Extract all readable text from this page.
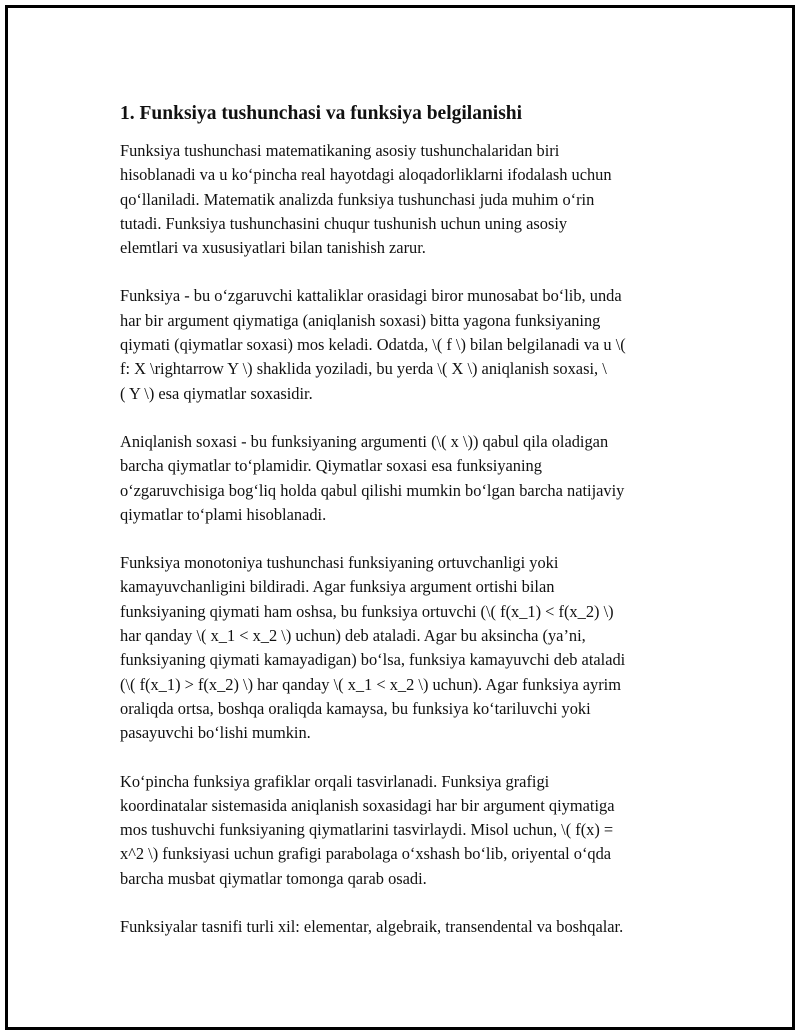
1. Funksiya tushunchasi va funksiya belgilanishi
Funksiya tushunchasi matematikaning asosiy tushunchalaridan biri
hisoblanadi va u ko‘pincha real hayotdagi aloqadorliklarni ifodalash uchun
qo‘llaniladi. Matematik analizda funksiya tushunchasi juda muhim o‘rin
tutadi. Funksiya tushunchasini chuqur tushunish uchun uning asosiy
elemtlari va xususiyatlari bilan tanishish zarur.
Funksiya - bu o‘zgaruvchi kattaliklar orasidagi biror munosabat bo‘lib, unda
har bir argument qiymatiga (aniqlanish soxasi) bitta yagona funksiyaning
qiymati (qiymatlar soxasi) mos keladi. Odatda, \( f \) bilan belgilanadi va u \(
f: X \rightarrow Y \) shaklida yoziladi, bu yerda \( X \) aniqlanish soxasi, \
( Y \) esa qiymatlar soxasidir.
Aniqlanish soxasi - bu funksiyaning argumenti (\( x \)) qabul qila oladigan
barcha qiymatlar to‘plamidir. Qiymatlar soxasi esa funksiyaning
o‘zgaruvchisiga bog‘liq holda qabul qilishi mumkin bo‘lgan barcha natijaviy
qiymatlar to‘plami hisoblanadi.
Funksiya monotoniya tushunchasi funksiyaning ortuvchanligi yoki
kamayuvchanligini bildiradi. Agar funksiya argument ortishi bilan
funksiyaning qiymati ham oshsa, bu funksiya ortuvchi (\( f(x_1) < f(x_2) \)
har qanday \( x_1 < x_2 \) uchun) deb ataladi. Agar bu aksincha (ya’ni,
funksiyaning qiymati kamayadigan) bo‘lsa, funksiya kamayuvchi deb ataladi
(\( f(x_1) > f(x_2) \) har qanday \( x_1 < x_2 \) uchun). Agar funksiya ayrim
oraliqda ortsa, boshqa oraliqda kamaysa, bu funksiya ko‘tariluvchi yoki
pasayuvchi bo‘lishi mumkin.
Ko‘pincha funksiya grafiklar orqali tasvirlanadi. Funksiya grafigi
koordinatalar sistemasida aniqlanish soxasidagi har bir argument qiymatiga
mos tushuvchi funksiyaning qiymatlarini tasvirlaydi. Misol uchun, \( f(x) =
x^2 \) funksiyasi uchun grafigi parabolaga o‘xshash bo‘lib, oriyental o‘qda
barcha musbat qiymatlar tomonga qarab osadi.
Funksiyalar tasnifi turli xil: elementar, algebraik, transendental va boshqalar.
